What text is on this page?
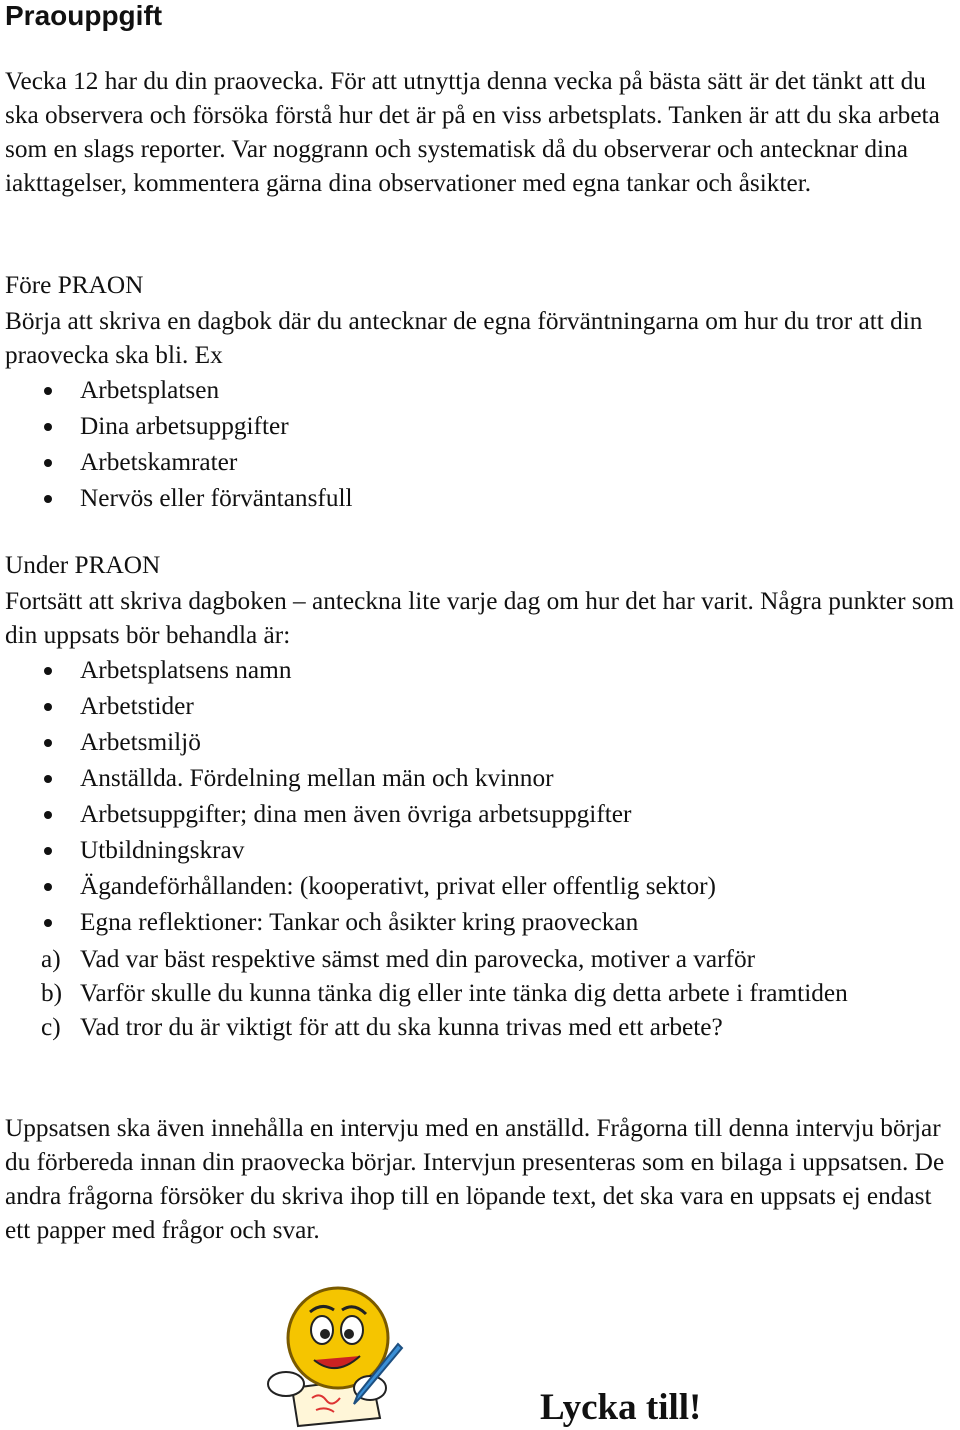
Praouppgift

Vecka 12 har du din praovecka. För att utnyttja denna vecka på bästa sätt är det tänkt att du ska observera och försöka förstå hur det är på en viss arbetsplats. Tanken är att du ska arbeta som en slags reporter. Var noggrann och systematisk då du observerar och antecknar dina iakttagelser, kommentera gärna dina observationer med egna tankar och åsikter.

Före PRAON

Börja att skriva en dagbok där du antecknar de egna förväntningarna om hur du tror att din praovecka ska bli. Ex

Arbetsplatsen
Dina arbetsuppgifter
Arbetskamrater
Nervös eller förväntansfull
Under PRAON

Fortsätt att skriva dagboken – anteckna lite varje dag om hur det har varit. Några punkter som din uppsats bör behandla är:

Arbetsplatsens namn
Arbetstider
Arbetsmiljö
Anställda. Fördelning mellan män och kvinnor
Arbetsuppgifter; dina men även övriga arbetsuppgifter
Utbildningskrav
Ägandeförhållanden: (kooperativt, privat eller offentlig sektor)
Egna reflektioner: Tankar och åsikter kring praoveckan
a) Vad var bäst respektive sämst med din parovecka, motiver a varför
b) Varför skulle du kunna tänka dig eller inte tänka dig detta arbete i framtiden
c) Vad tror du är viktigt för att du ska kunna trivas med ett arbete?

Uppsatsen ska även innehålla en intervju med en anställd. Frågorna till denna intervju börjar du förbereda innan din praovecka börjar. Intervjun presenteras som en bilaga i uppsatsen. De andra frågorna försöker du skriva ihop till en löpande text, det ska vara en uppsats ej endast ett papper med frågor och svar.

Lycka till!
